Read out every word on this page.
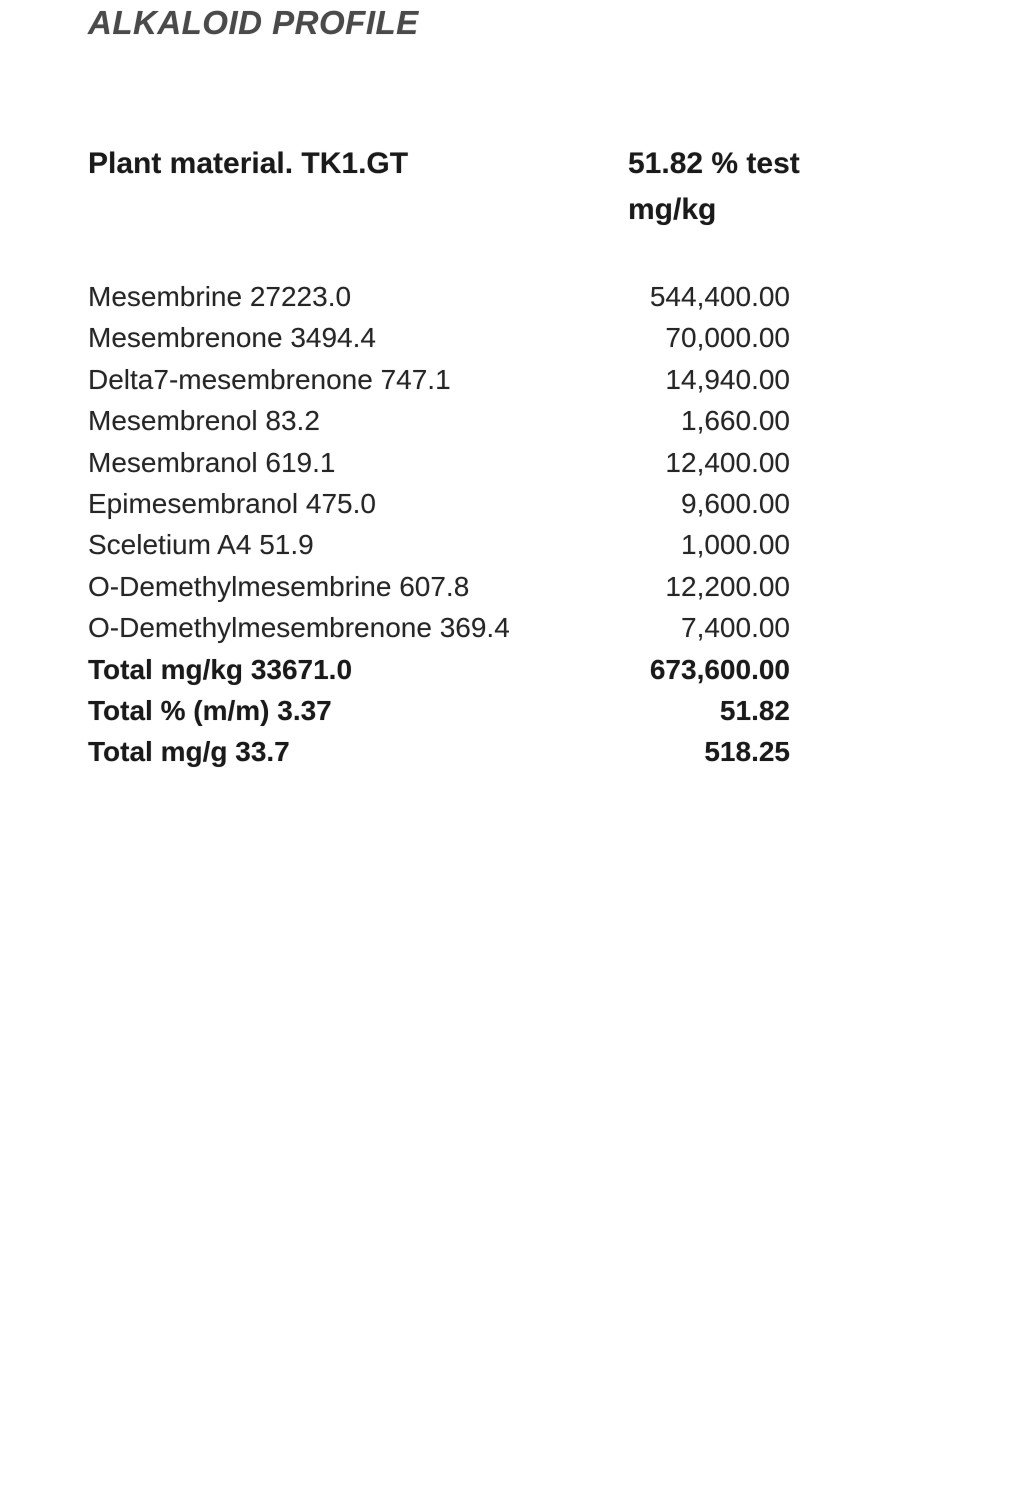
ALKALOID PROFILE
Plant material. TK1.GT	51.82 % test
mg/kg
Mesembrine 27223.0	544,400.00
Mesembrenone 3494.4	70,000.00
Delta7-mesembrenone 747.1	14,940.00
Mesembrenol 83.2	1,660.00
Mesembranol 619.1	12,400.00
Epimesembranol 475.0	9,600.00
Sceletium A4 51.9	1,000.00
O-Demethylmesembrine 607.8	12,200.00
O-Demethylmesembrenone 369.4	7,400.00
Total mg/kg 33671.0	673,600.00
Total % (m/m) 3.37	51.82
Total mg/g 33.7	518.25
